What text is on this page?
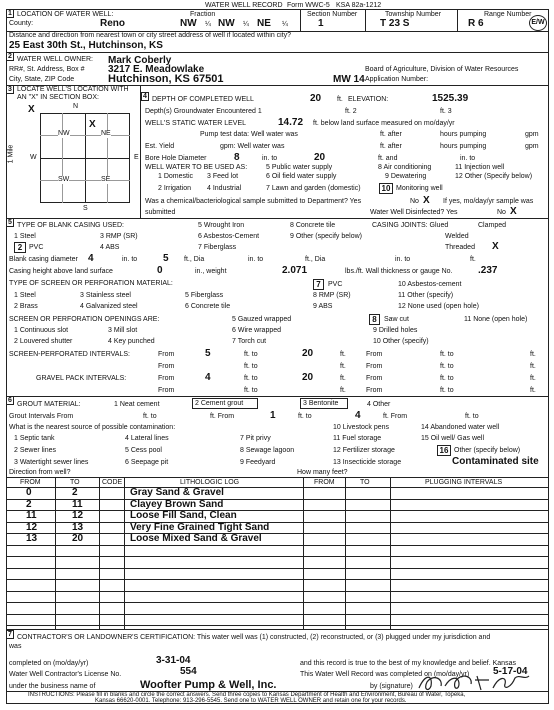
WATER WELL RECORD Form WWC-5 KSA 82a-1212
1 LOCATION OF WATER WELL:	Fraction
County:	Reno	NW ¼ NW ¼ NE ¼
Section Number
1
Township Number
T 23 S
Range Number
R 6	E/W
Distance and direction from nearest town or city street address of well if located within city?
25 East 30th St., Hutchinson, KS
2 WATER WELL OWNER: Mark Coberly
RR#, St. Address, Box # 3217 E. Meadowlake	Board of Agriculture, Division of Water Resources
City, State, ZIP Code	Hutchinson, KS 67501	MW 14 Application Number:
3 LOCATE WELL'S LOCATION WITH
AN "X" IN SECTION BOX:
N
X
X
NW	NE
SW	SE
W	E
S
1 Mile
4 DEPTH OF COMPLETED WELL	20 ft. ELEVATION:	1525.39
Depth(s) Groundwater Encountered 1	ft. 2	ft. 3
WELL'S STATIC WATER LEVEL	14.72 ft. below land surface measured on mo/day/yr
Pump test data: Well water was	ft. after	hours pumping	gpm
Est. Yield	gpm: Well water was	ft. after	hours pumping	gpm
Bore Hole Diameter	8	in. to	20	ft. and	in. to
WELL WATER TO BE USED AS:	5 Public water supply	8 Air conditioning	11 Injection well
1 Domestic 3 Feed lot	6 Oil field water supply	9 Dewatering	12 Other (Specify below)
2 Irrigation 4 Industrial	7 Lawn and garden (domestic)	10 Monitoring well
Was a chemical/bacteriological sample submitted to Department? Yes	No X If yes, mo/day/yr sample was
submitted	Water Well Disinfected? Yes	No X
5 TYPE OF BLANK CASING USED:	5 Wrought Iron	8 Concrete tile	CASING JOINTS: Glued	Clamped
1 Steel	3 RMP (SR)	6 Asbestos-Cement	9 Other (specify below)	Welded
2 PVC	4 ABS	7 Fiberglass	Threaded X
Blank casing diameter 4	in. to	5 ft., Dia	in. to	ft., Dia	in. to	ft.
Casing height above land surface	0	in., weight	2.071	lbs./ft. Wall thickness or gauge No.	.237
TYPE OF SCREEN OR PERFORATION MATERIAL:	7	PVC	10 Asbestos-cement
1 Steel	3 Stainless steel	5 Fiberglass	8 RMP (SR)	11 Other (specify)
2 Brass	4 Galvanized steel	6 Concrete tile	9 ABS	12 None used (open hole)
SCREEN OR PERFORATION OPENINGS ARE:	5 Gauzed wrapped	8	Saw cut	11 None (open hole)
1 Continuous slot	3 Mill slot	6 Wire wrapped	9 Drilled holes
2 Louvered shutter	4 Key punched	7 Torch cut	10 Other (specify)
SCREEN-PERFORATED INTERVALS:	From	5	ft. to	20	ft.	From	ft. to	ft.
From	ft. to	ft.	From	ft. to	ft.
GRAVEL PACK INTERVALS:	From	4	ft. to	20	ft.	From	ft. to	ft.
From	ft. to	ft.	From	ft. to	ft.
6
GROUT MATERIAL:	1 Neat cement	2 Cement grout	3 Bentonite	4 Other
Grout Intervals From	ft. to	ft. From	1	ft. to	4	ft. From	ft. to
What is the nearest source of possible contamination:	10 Livestock pens	14 Abandoned water well
1 Septic tank	4 Lateral lines	7 Pit privy	11 Fuel storage	15 Oil well/ Gas well
2 Sewer lines	5 Cess pool	8 Sewage lagoon	12 Fertilizer storage	16 Other (specify below)
3 Watertight sewer lines	6 Seepage pit	9 Feedyard	13 Insecticide storage	Contaminated site
Direction from well?	How many feet?
FROM	TO	CODE	LITHOLOGIC LOG	FROM	TO	PLUGGING INTERVALS
0	2	Gray Sand & Gravel
2	11	Clayey Brown Sand
11	12	Loose Fill Sand, Clean
12	13	Very Fine Grained Tight Sand
13	20	Loose Mixed Sand & Gravel
7 CONTRACTOR'S OR LANDOWNER'S CERTIFICATION: This water well was (1) constructed, (2) reconstructed, or (3) plugged under my jurisdiction and
was
completed on (mo/day/yr)	3-31-04	and this record is true to the best of my knowledge and belief. Kansas
Water Well Contractor's License No.	554	This Water Well Record was completed on (mo/day/yr) 5-17-04
under the business name of	Woofter Pump & Well, Inc.	by (signature)
INSTRUCTIONS: Please fill in blanks and circle the correct answers. Send three copies to Kansas Department of Health and Environment, Bureau of Water, Topeka,
Kansas 66620-0001. Telephone: 913-296-5545. Send one to WATER WELL OWNER and retain one for your records.
